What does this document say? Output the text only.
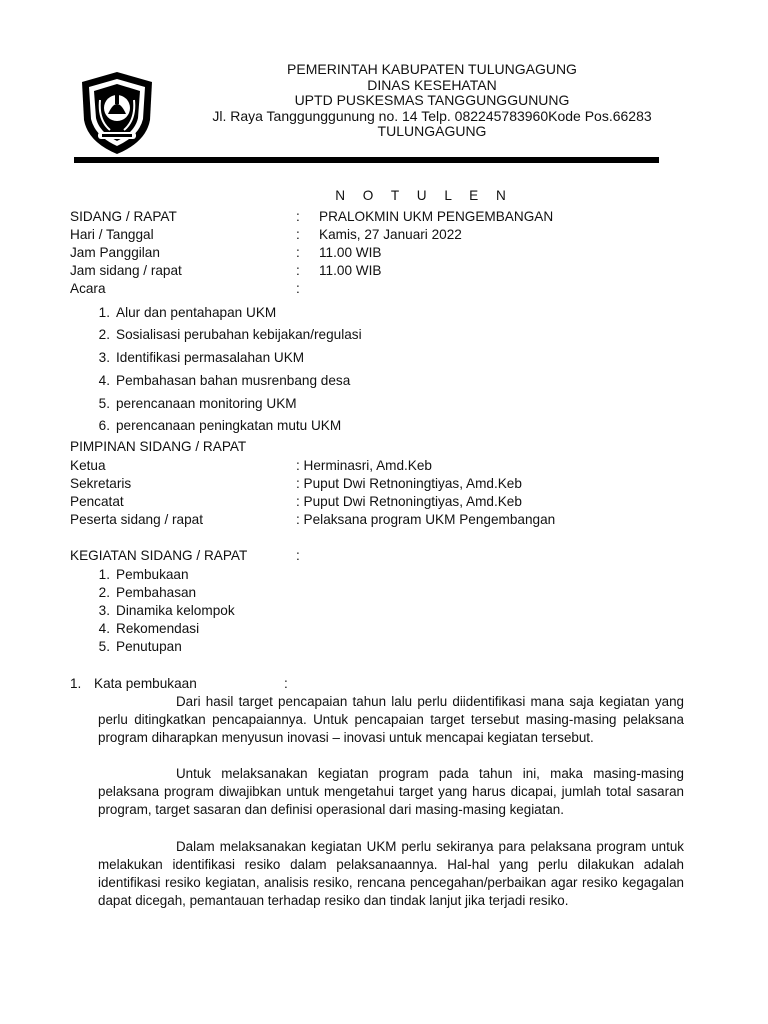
PEMERINTAH KABUPATEN TULUNGAGUNG
DINAS KESEHATAN
UPTD PUSKESMAS TANGGUNGGUNUNG
Jl. Raya Tanggunggunung no. 14 Telp. 082245783960Kode Pos.66283
TULUNGAGUNG
N O T U L E N
SIDANG / RAPAT	: PRALOKMIN UKM PENGEMBANGAN
Hari / Tanggal	: Kamis, 27 Januari 2022
Jam Panggilan	: 11.00 WIB
Jam sidang / rapat	: 11.00 WIB
Acara	:
1. Alur dan pentahapan UKM
2. Sosialisasi perubahan kebijakan/regulasi
3. Identifikasi permasalahan UKM
4. Pembahasan bahan musrenbang desa
5. perencanaan monitoring UKM
6. perencanaan peningkatan mutu UKM
PIMPINAN SIDANG / RAPAT
Ketua	: Herminasri, Amd.Keb
Sekretaris	: Puput Dwi Retnoningtiyas, Amd.Keb
Pencatat	: Puput Dwi Retnoningtiyas, Amd.Keb
Peserta sidang / rapat	: Pelaksana program UKM Pengembangan
KEGIATAN SIDANG / RAPAT	:
1. Pembukaan
2. Pembahasan
3. Dinamika kelompok
4. Rekomendasi
5. Penutupan
1. Kata pembukaan	:

Dari hasil target pencapaian tahun lalu perlu diidentifikasi mana saja kegiatan yang perlu ditingkatkan pencapaiannya. Untuk pencapaian target tersebut masing-masing pelaksana program diharapkan menyusun inovasi – inovasi untuk mencapai kegiatan tersebut.

Untuk melaksanakan kegiatan program pada tahun ini, maka masing-masing pelaksana program diwajibkan untuk mengetahui target yang harus dicapai, jumlah total sasaran program, target sasaran dan definisi operasional dari masing-masing kegiatan.

Dalam melaksanakan kegiatan UKM perlu sekiranya para pelaksana program untuk melakukan identifikasi resiko dalam pelaksanaannya. Hal-hal yang perlu dilakukan adalah identifikasi resiko kegiatan, analisis resiko, rencana pencegahan/perbaikan agar resiko kegagalan dapat dicegah, pemantauan terhadap resiko dan tindak lanjut jika terjadi resiko.
